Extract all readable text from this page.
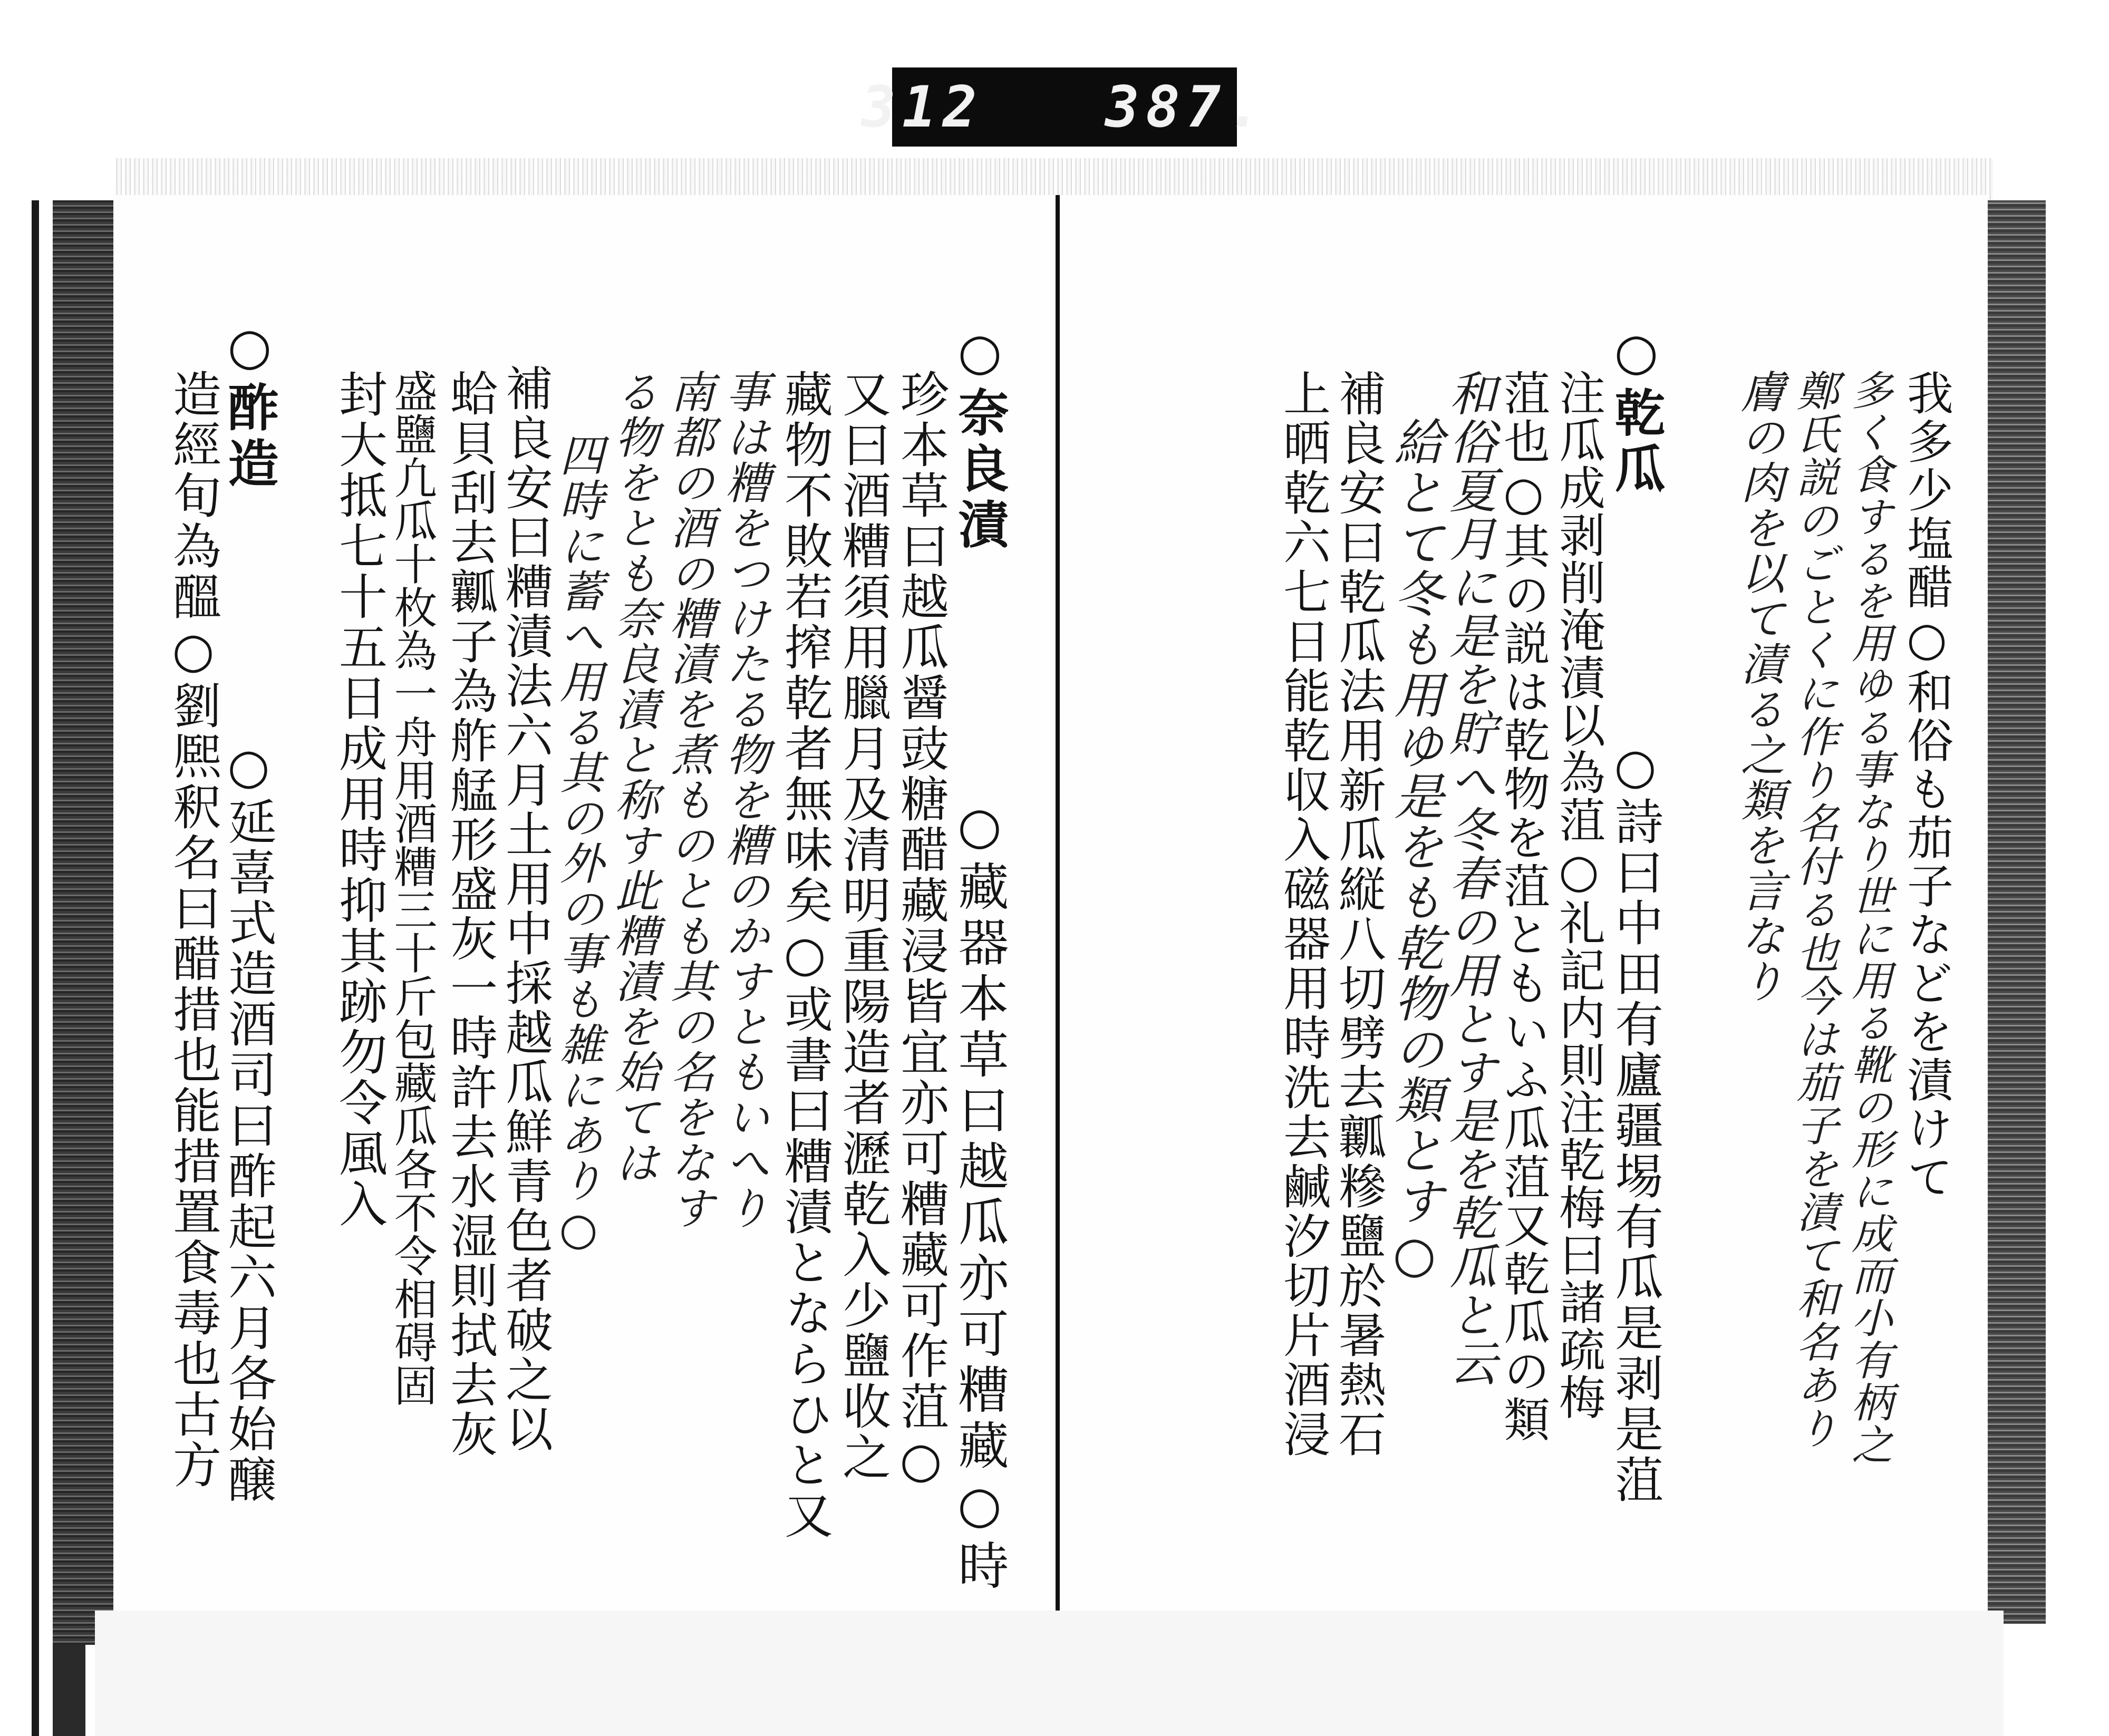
312   387.
○奈良漬
○藏器本草曰越瓜亦可糟藏○時
珍本草曰越瓜醤豉糖醋藏浸皆宜亦可糟藏可作菹○
又曰酒糟須用臘月及清明重陽造者瀝乾入少鹽收之
藏物不敗若搾乾者無味矣○或書曰糟漬とならひと又
事は糟をつけたる物を糟のかすともいへり
南都の酒の糟漬を煮ものとも其の名をなす
る物をとも奈良漬と称す此糟漬を始ては
四時に蓄へ用る其の外の事も雑にあり○
補良安曰糟漬法六月土用中採越瓜鮮青色者破之以
蛤貝刮去瓤子為舴艋形盛灰一時許去水湿則拭去灰
盛鹽凢瓜十枚為一舟用酒糟三十斤包藏瓜各不令相碍固
封大抵七十五日成用時抑其跡勿令風入
○酢造
造經旬為醞○劉熈釈名曰醋措也能措置食毒也古方
○延喜式造酒司曰酢起六月各始醸	我多少塩醋○和俗も茄子などを漬けて
多く食するを用ゆる事なり世に用る靴の形に成而小有柄之
鄭氏説のごとくに作り名付る也今は茄子を漬て和名あり
膚の肉を以て漬る之類を言なり
○乾瓜
○詩曰中田有廬疆埸有瓜是剥是菹
注瓜成剥削淹漬以為菹○礼記内則注乾梅曰諸疏梅
菹也○其の説は乾物を菹ともいふ瓜菹又乾瓜の類
和俗夏月に是を貯へ冬春の用とす是を乾瓜と云
給とて冬も用ゆ是をも乾物の類とす○
補良安曰乾瓜法用新瓜縦八切劈去瓤糝鹽於暑熱石
上晒乾六七日能乾収入磁器用時洗去鹹汐切片酒浸
